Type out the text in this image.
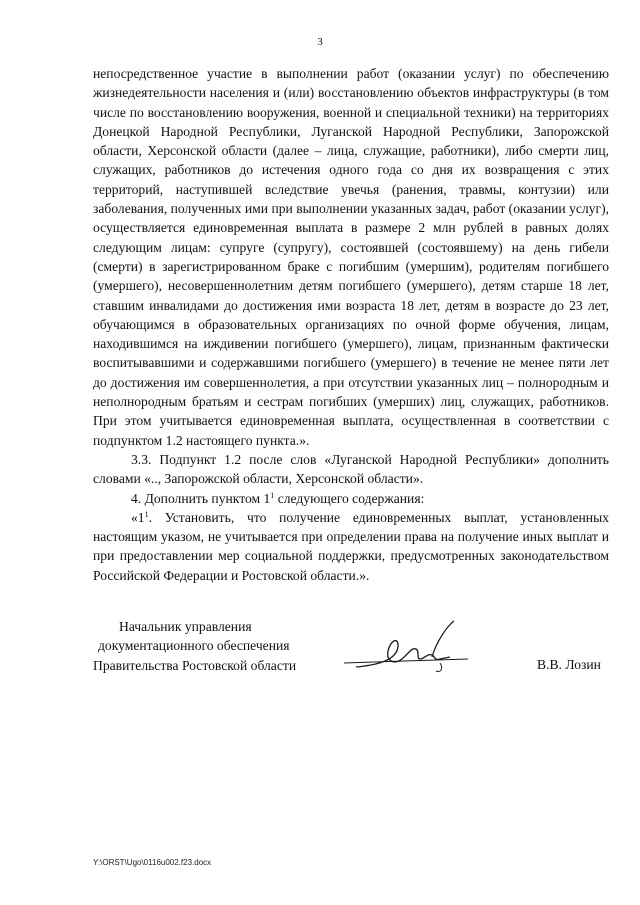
3

непосредственное участие в выполнении работ (оказании услуг) по обеспечению жизнедеятельности населения и (или) восстановлению объектов инфраструктуры (в том числе по восстановлению вооружения, военной и специальной техники) на территориях Донецкой Народной Республики, Луганской Народной Республики, Запорожской области, Херсонской области (далее – лица, служащие, работники), либо смерти лиц, служащих, работников до истечения одного года со дня их возвращения с этих территорий, наступившей вследствие увечья (ранения, травмы, контузии) или заболевания, полученных ими при выполнении указанных задач, работ (оказании услуг), осуществляется единовременная выплата в размере 2 млн рублей в равных долях следующим лицам: супруге (супругу), состоявшей (состоявшему) на день гибели (смерти) в зарегистрированном браке с погибшим (умершим), родителям погибшего (умершего), несовершеннолетним детям погибшего (умершего), детям старше 18 лет, ставшим инвалидами до достижения ими возраста 18 лет, детям в возрасте до 23 лет, обучающимся в образовательных организациях по очной форме обучения, лицам, находившимся на иждивении погибшего (умершего), лицам, признанным фактически воспитывавшими и содержавшими погибшего (умершего) в течение не менее пяти лет до достижения им совершеннолетия, а при отсутствии указанных лиц – полнородным и неполнородным братьям и сестрам погибших (умерших) лиц, служащих, работников. При этом учитывается единовременная выплата, осуществленная в соответствии с подпунктом 1.2 настоящего пункта.».

3.3. Подпункт 1.2 после слов «Луганской Народной Республики» дополнить словами «.., Запорожской области, Херсонской области».

4. Дополнить пунктом $1^1$ следующего содержания:

«$1^1$. Установить, что получение единовременных выплат, установленных настоящим указом, не учитывается при определении права на получение иных выплат и при предоставлении мер социальной поддержки, предусмотренных законодательством Российской Федерации и Ростовской области.».

Начальник управления
документационного обеспечения
Правительства Ростовской области	В.В. Лозин
Y:\ORST\Ugo\0116u002.f23.docx
